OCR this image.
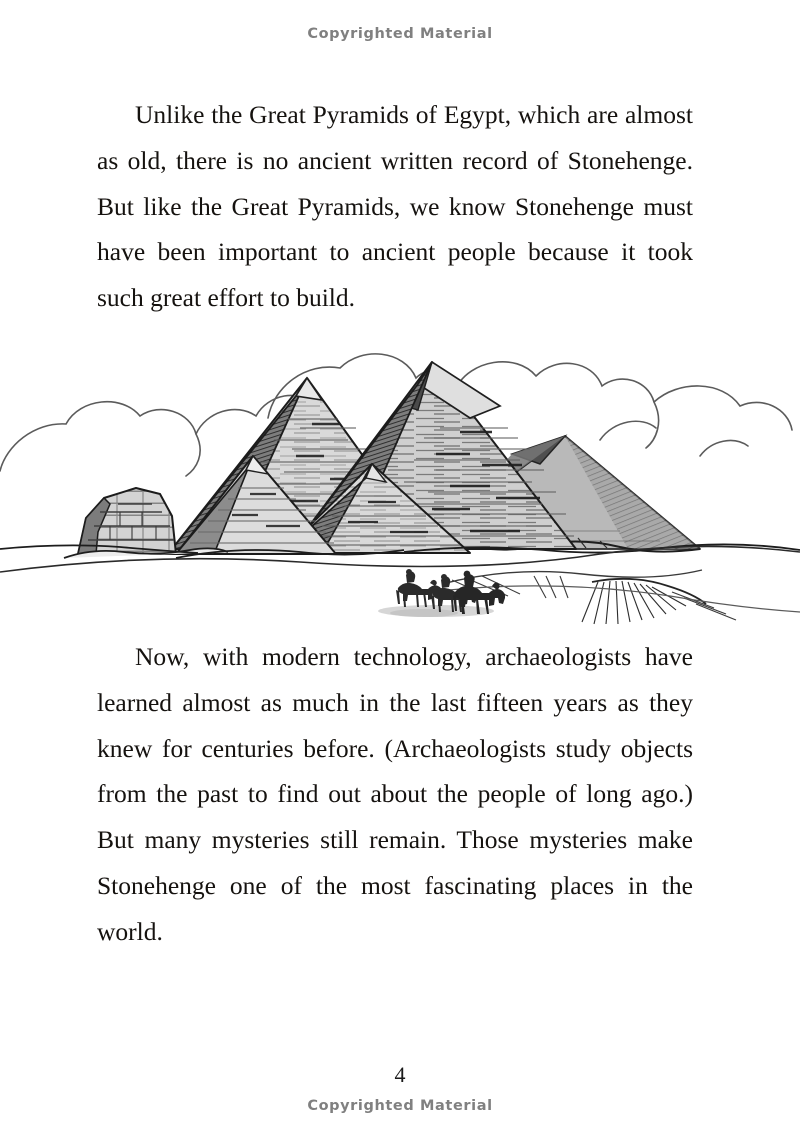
Copyrighted Material

Unlike the Great Pyramids of Egypt, which are almost as old, there is no ancient written record of Stonehenge. But like the Great Pyramids, we know Stonehenge must have been important to ancient people because it took such great effort to build.

Now, with modern technology, archaeologists have learned almost as much in the last fifteen years as they knew for centuries before. (Archaeologists study objects from the past to find out about the people of long ago.) But many mysteries still remain. Those mysteries make Stonehenge one of the most fascinating places in the world.

4
Copyrighted Material
